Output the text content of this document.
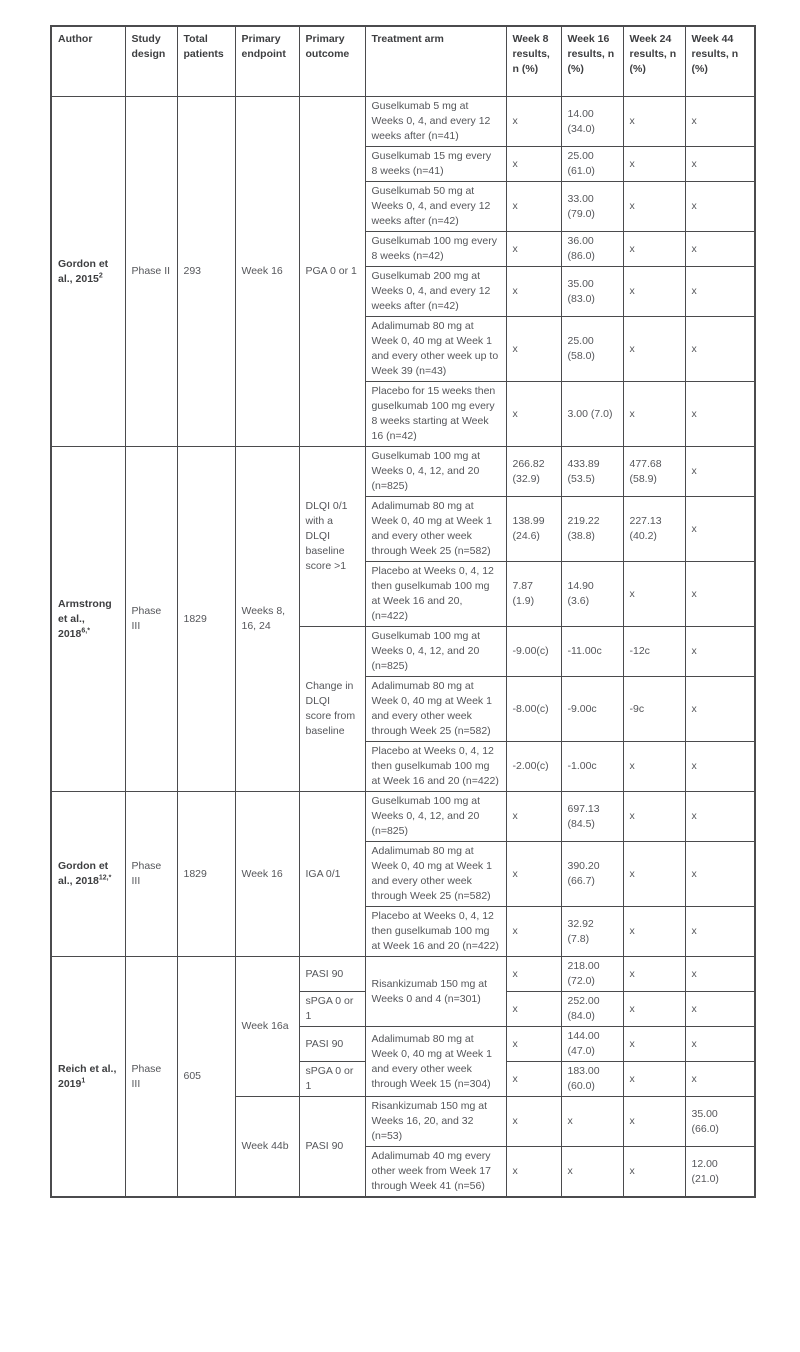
Author	Study design	Total patients	Primary endpoint	Primary outcome	Treatment arm	Week 8 results, n (%)	Week 16 results, n (%)	Week 24 results, n (%)	Week 44 results, n (%)
Gordon et al., 2015$^2$	Phase II	293	Week 16	PGA 0 or 1	Guselkumab 5 mg at Weeks 0, 4, and every 12 weeks after (n=41)	x	14.00 (34.0)	x	x
					Guselkumab 15 mg every 8 weeks (n=41)	x	25.00 (61.0)	x	x
					Guselkumab 50 mg at Weeks 0, 4, and every 12 weeks after (n=42)	x	33.00 (79.0)	x	x
					Guselkumab 100 mg every 8 weeks (n=42)	x	36.00 (86.0)	x	x
					Guselkumab 200 mg at Weeks 0, 4, and every 12 weeks after (n=42)	x	35.00 (83.0)	x	x
					Adalimumab 80 mg at Week 0, 40 mg at Week 1 and every other week up to Week 39 (n=43)	x	25.00 (58.0)	x	x
					Placebo for 15 weeks then guselkumab 100 mg every 8 weeks starting at Week 16 (n=42)	x	3.00 (7.0)	x	x
Armstrong et al., 2018$^{6,*}$	Phase III	1829	Weeks 8, 16, 24	DLQI 0/1 with a DLQI baseline score >1	Guselkumab 100 mg at Weeks 0, 4, 12, and 20 (n=825)	266.82 (32.9)	433.89 (53.5)	477.68 (58.9)	x
					Adalimumab 80 mg at Week 0, 40 mg at Week 1 and every other week through Week 25 (n=582)	138.99 (24.6)	219.22 (38.8)	227.13 (40.2)	x
					Placebo at Weeks 0, 4, 12 then guselkumab 100 mg at Week 16 and 20, (n=422)	7.87 (1.9)	14.90 (3.6)	x	x
				Change in DLQI score from baseline	Guselkumab 100 mg at Weeks 0, 4, 12, and 20 (n=825)	-9.00(c)	-11.00c	-12c	x
					Adalimumab 80 mg at Week 0, 40 mg at Week 1 and every other week through Week 25 (n=582)	-8.00(c)	-9.00c	-9c	x
					Placebo at Weeks 0, 4, 12 then guselkumab 100 mg at Week 16 and 20 (n=422)	-2.00(c)	-1.00c	x	x
Gordon et al., 2018$^{12,*}$	Phase III	1829	Week 16	IGA 0/1	Guselkumab 100 mg at Weeks 0, 4, 12, and 20 (n=825)	x	697.13 (84.5)	x	x
					Adalimumab 80 mg at Week 0, 40 mg at Week 1 and every other week through Week 25 (n=582)	x	390.20 (66.7)	x	x
					Placebo at Weeks 0, 4, 12 then guselkumab 100 mg at Week 16 and 20 (n=422)	x	32.92 (7.8)	x	x
Reich et al., 2019$^1$	Phase III	605	Week 16a	PASI 90	Risankizumab 150 mg at Weeks 0 and 4 (n=301)	x	218.00 (72.0)	x	x
				sPGA 0 or 1		x	252.00 (84.0)	x	x
				PASI 90	Adalimumab 80 mg at Week 0, 40 mg at Week 1 and every other week through Week 15 (n=304)	x	144.00 (47.0)	x	x
				sPGA 0 or 1		x	183.00 (60.0)	x	x
			Week 44b	PASI 90	Risankizumab 150 mg at Weeks 16, 20, and 32 (n=53)	x	x	x	35.00 (66.0)
					Adalimumab 40 mg every other week from Week 17 through Week 41 (n=56)	x	x	x	12.00 (21.0)
